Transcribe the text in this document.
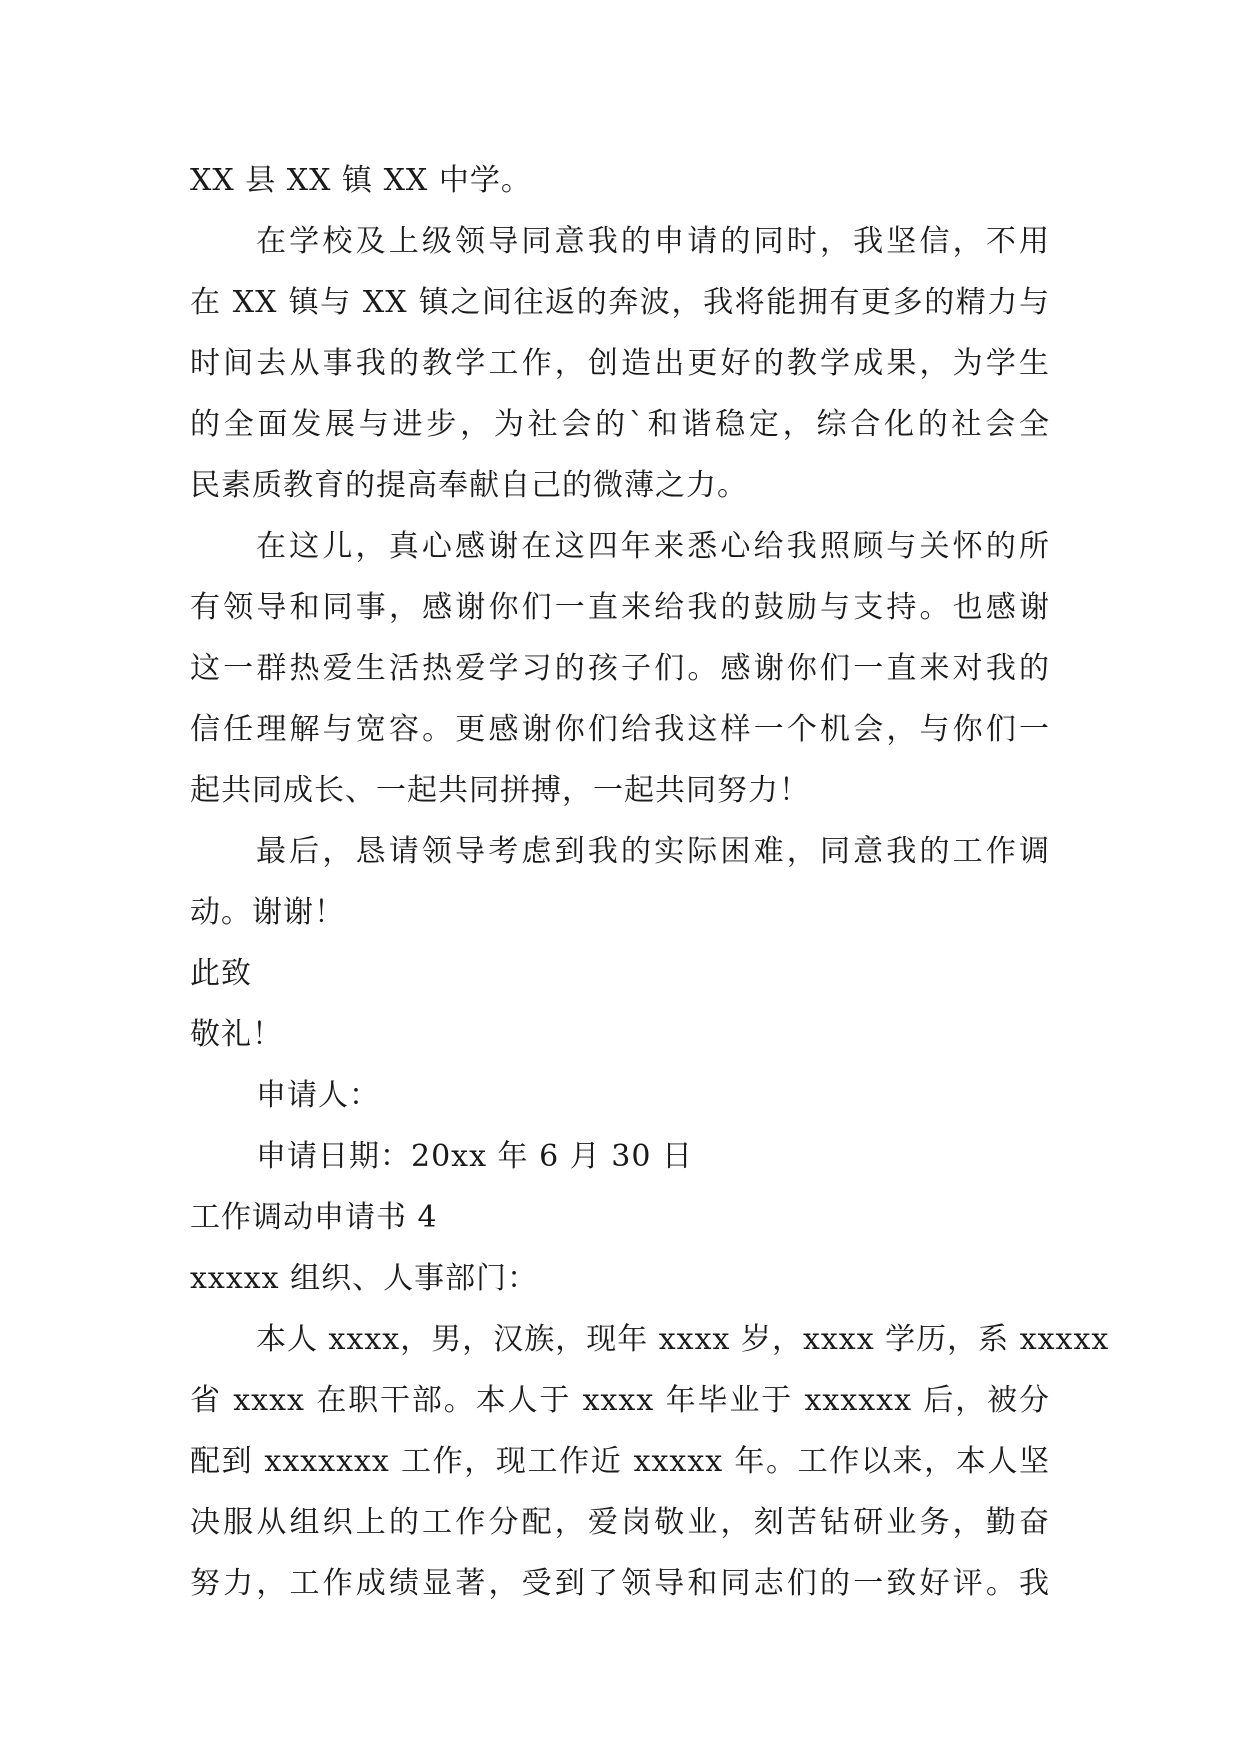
XX 县 XX 镇 XX 中学。
在学校及上级领导同意我的申请的同时，我坚信，不用
在 XX 镇与 XX 镇之间往返的奔波，我将能拥有更多的精力与
时间去从事我的教学工作，创造出更好的教学成果，为学生
的全面发展与进步，为社会的`和谐稳定，综合化的社会全
民素质教育的提高奉献自己的微薄之力。
在这儿，真心感谢在这四年来悉心给我照顾与关怀的所
有领导和同事，感谢你们一直来给我的鼓励与支持。也感谢
这一群热爱生活热爱学习的孩子们。感谢你们一直来对我的
信任理解与宽容。更感谢你们给我这样一个机会，与你们一
起共同成长、一起共同拼搏，一起共同努力！
最后，恳请领导考虑到我的实际困难，同意我的工作调
动。谢谢！
此致
敬礼！
申请人：
申请日期：20xx 年 6 月 30 日
工作调动申请书 4
xxxxx 组织、人事部门：
本人 xxxx，男，汉族，现年 xxxx 岁，xxxx 学历，系 xxxxx
省 xxxx 在职干部。本人于 xxxx 年毕业于 xxxxxx 后，被分
配到 xxxxxxx 工作，现工作近 xxxxx 年。工作以来，本人坚
决服从组织上的工作分配，爱岗敬业，刻苦钻研业务，勤奋
努力，工作成绩显著，受到了领导和同志们的一致好评。我
